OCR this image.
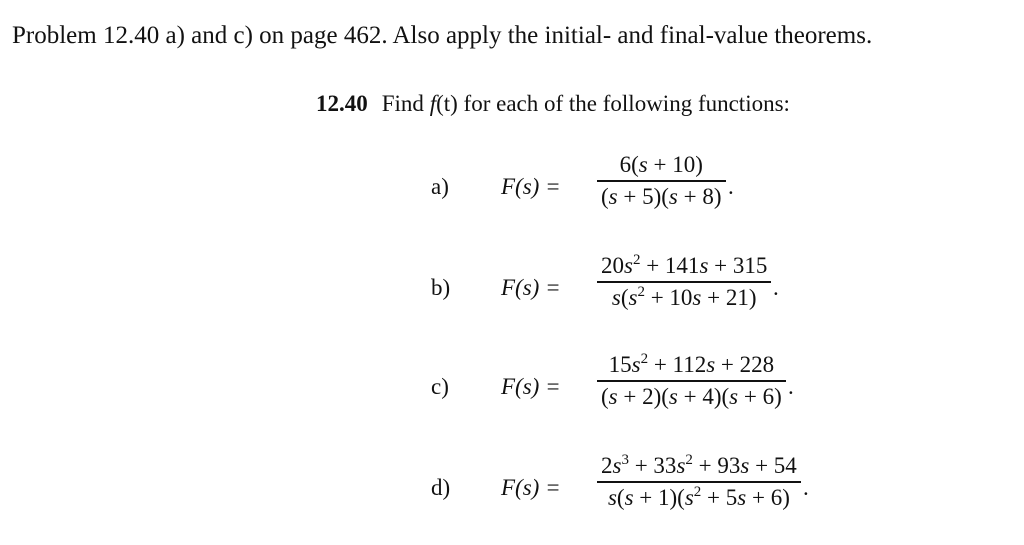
Problem 12.40 a) and c) on page 462. Also apply the initial- and final-value theorems.
12.40 Find f(t) for each of the following functions:
a) F(s) =
6(s + 10)
(s + 5)(s + 8) .
b) F(s) =
$20s^2 + 141s + 315$
$s(s^2 + 10s + 21)$ .
c) F(s) =
$15s^2 + 112s + 228$
(s + 2)(s + 4)(s + 6) .
d) F(s) =
$2s^3 + 33s^2 + 93s + 54$
$s(s + 1)(s^2 + 5s + 6)$ .
